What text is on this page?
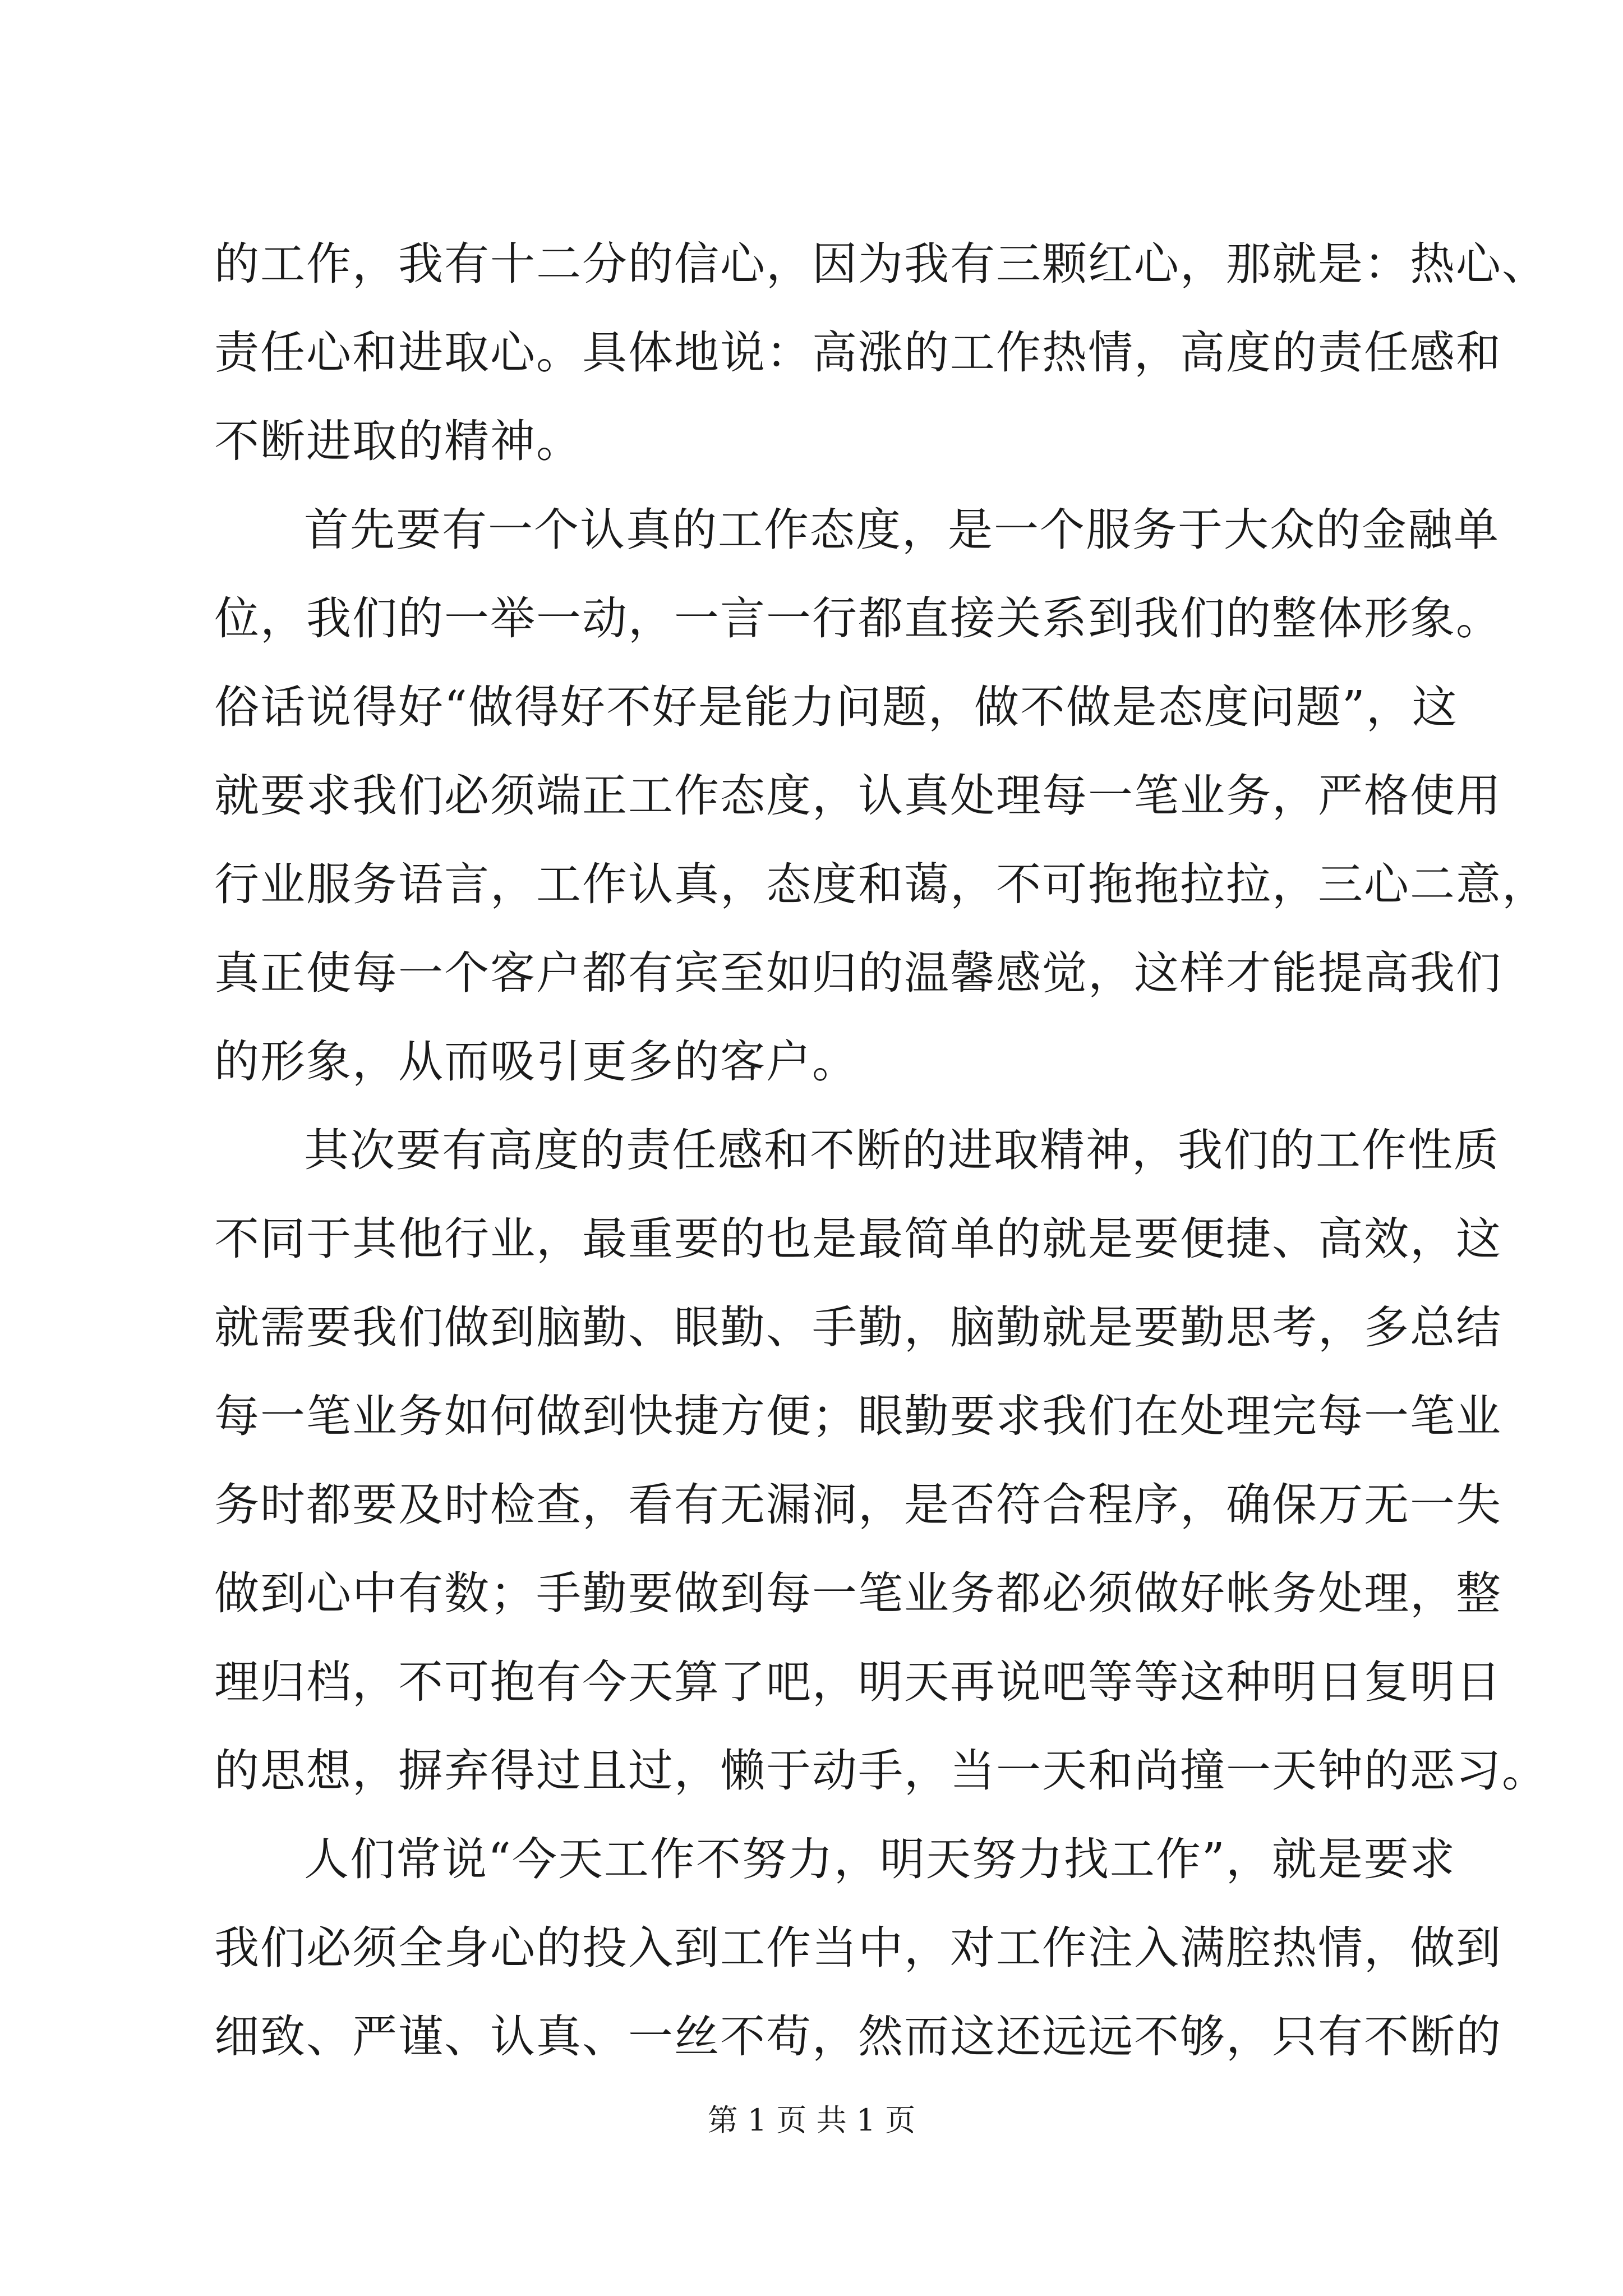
的工作，我有十二分的信心，因为我有三颗红心，那就是：热心、
责任心和进取心。具体地说：高涨的工作热情，高度的责任感和
不断进取的精神。
首先要有一个认真的工作态度，是一个服务于大众的金融单
位，我们的一举一动，一言一行都直接关系到我们的整体形象。
俗话说得好“做得好不好是能力问题，做不做是态度问题”，这
就要求我们必须端正工作态度，认真处理每一笔业务，严格使用
行业服务语言，工作认真，态度和蔼，不可拖拖拉拉，三心二意，
真正使每一个客户都有宾至如归的温馨感觉，这样才能提高我们
的形象，从而吸引更多的客户。
其次要有高度的责任感和不断的进取精神，我们的工作性质
不同于其他行业，最重要的也是最简单的就是要便捷、高效，这
就需要我们做到脑勤、眼勤、手勤，脑勤就是要勤思考，多总结
每一笔业务如何做到快捷方便；眼勤要求我们在处理完每一笔业
务时都要及时检查，看有无漏洞，是否符合程序，确保万无一失
做到心中有数；手勤要做到每一笔业务都必须做好帐务处理，整
理归档，不可抱有今天算了吧，明天再说吧等等这种明日复明日
的思想，摒弃得过且过，懒于动手，当一天和尚撞一天钟的恶习。
人们常说“今天工作不努力，明天努力找工作”，就是要求
我们必须全身心的投入到工作当中，对工作注入满腔热情，做到
细致、严谨、认真、一丝不苟，然而这还远远不够，只有不断的
第 1 页 共 1 页
